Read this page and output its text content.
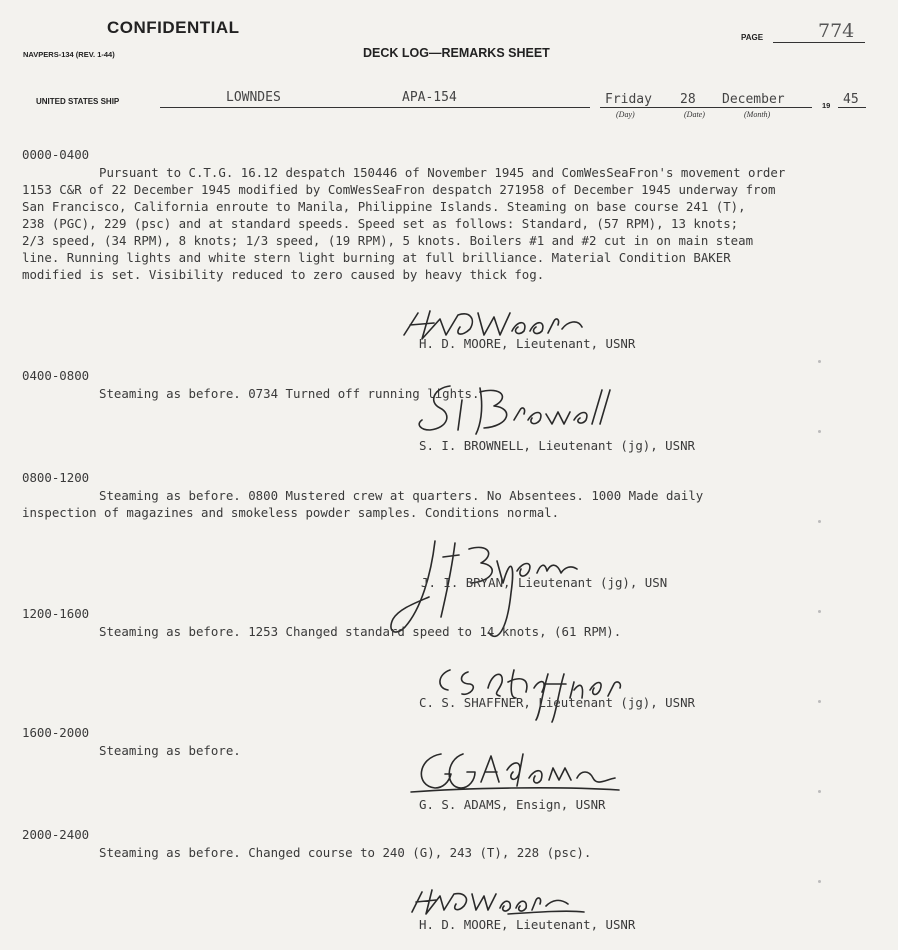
CONFIDENTIAL
NAVPERS-134 (REV. 1-44)	DECK LOG—REMARKS SHEET
PAGE	774
UNITED STATES SHIP	LOWNDES	APA-154	Friday 28 December	19 45
(Day)	(Date)	(Month)
0000-0400
Pursuant to C.T.G. 16.12 despatch 150446 of November 1945 and ComWesSeaFron's movement order
1153 C&R of 22 December 1945 modified by ComWesSeaFron despatch 271958 of December 1945 underway from
San Francisco, California enroute to Manila, Philippine Islands. Steaming on base course 241 (T),
238 (PGC), 229 (psc) and at standard speeds. Speed set as follows: Standard, (57 RPM), 13 knots;
2/3 speed, (34 RPM), 8 knots; 1/3 speed, (19 RPM), 5 knots. Boilers #1 and #2 cut in on main steam
line. Running lights and white stern light burning at full brilliance. Material Condition BAKER
modified is set. Visibility reduced to zero caused by heavy thick fog.
H. D. MOORE, Lieutenant, USNR
0400-0800
Steaming as before. 0734 Turned off running lights.
S. I. BROWNELL, Lieutenant (jg), USNR
0800-1200
Steaming as before. 0800 Mustered crew at quarters. No Absentees. 1000 Made daily
inspection of magazines and smokeless powder samples. Conditions normal.
J. I. BRYAN, Lieutenant (jg), USN
1200-1600
Steaming as before. 1253 Changed standard speed to 14 knots, (61 RPM).
C. S. SHAFFNER, Lieutenant (jg), USNR
1600-2000
Steaming as before.
G. S. ADAMS, Ensign, USNR
2000-2400
Steaming as before. Changed course to 240 (G), 243 (T), 228 (psc).
H. D. MOORE, Lieutenant, USNR
